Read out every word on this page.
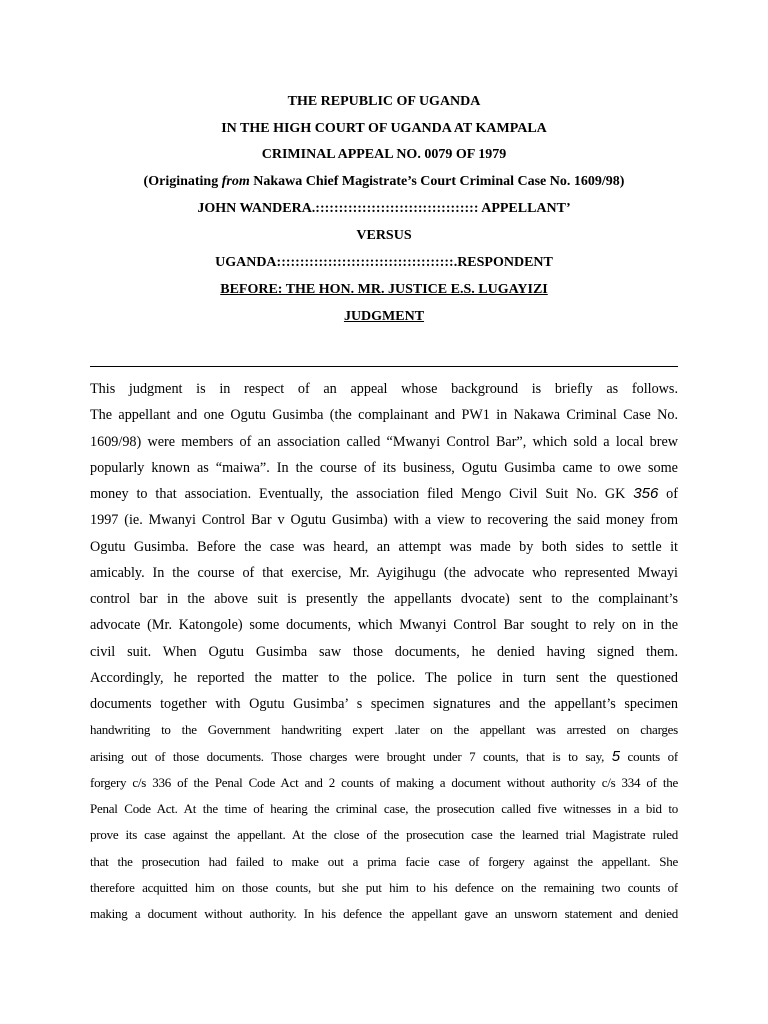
THE REPUBLIC OF UGANDA
IN THE HIGH COURT OF UGANDA AT KAMPALA
CRIMINAL APPEAL NO. 0079 OF 1979
(Originating from Nakawa Chief Magistrate’s Court Criminal Case No. 1609/98)
JOHN WANDERA.::::::::::::::::::::::::::::::::::: APPELLANT’
VERSUS
UGANDA::::::::::::::::::::::::::::::::::::::.RESPONDENT
BEFORE: THE HON. MR. JUSTICE E.S. LUGAYIZI
JUDGMENT
This judgment is in respect of an appeal whose background is briefly as follows.
The appellant and one Ogutu Gusimba (the complainant and PW1 in Nakawa Criminal Case No.
1609/98) were members of an association called “Mwanyi Control Bar”, which sold a local brew
popularly known as “maiwa”. In the course of its business, Ogutu Gusimba came to owe some
money to that association. Eventually, the association filed Mengo Civil Suit No. GK 356 of
1997 (ie. Mwanyi Control Bar v Ogutu Gusimba) with a view to recovering the said money from
Ogutu Gusimba. Before the case was heard, an attempt was made by both sides to settle it
amicably. In the course of that exercise, Mr. Ayigihugu (the advocate who represented Mwayi
control bar in the above suit is presently the appellants dvocate) sent to the complainant’s
advocate (Mr. Katongole) some documents, which Mwanyi Control Bar sought to rely on in the
civil suit. When Ogutu Gusimba saw those documents, he denied having signed them.
Accordingly, he reported the matter to the police. The police in turn sent the questioned
documents together with Ogutu Gusimba’ s specimen signatures and the appellant’s specimen
handwriting to the Government handwriting expert .later on the appellant was arrested on charges
arising out of those documents. Those charges were brought under 7 counts, that is to say, 5 counts of
forgery c/s 336 of the Penal Code Act and 2 counts of making a document without authority c/s 334 of the
Penal Code Act. At the time of hearing the criminal case, the prosecution called five witnesses in a bid to
prove its case against the appellant. At the close of the prosecution case the learned trial Magistrate ruled
that the prosecution had failed to make out a prima facie case of forgery against the appellant. She
therefore acquitted him on those counts, but she put him to his defence on the remaining two counts of
making a document without authority. In his defence the appellant gave an unsworn statement and denied
